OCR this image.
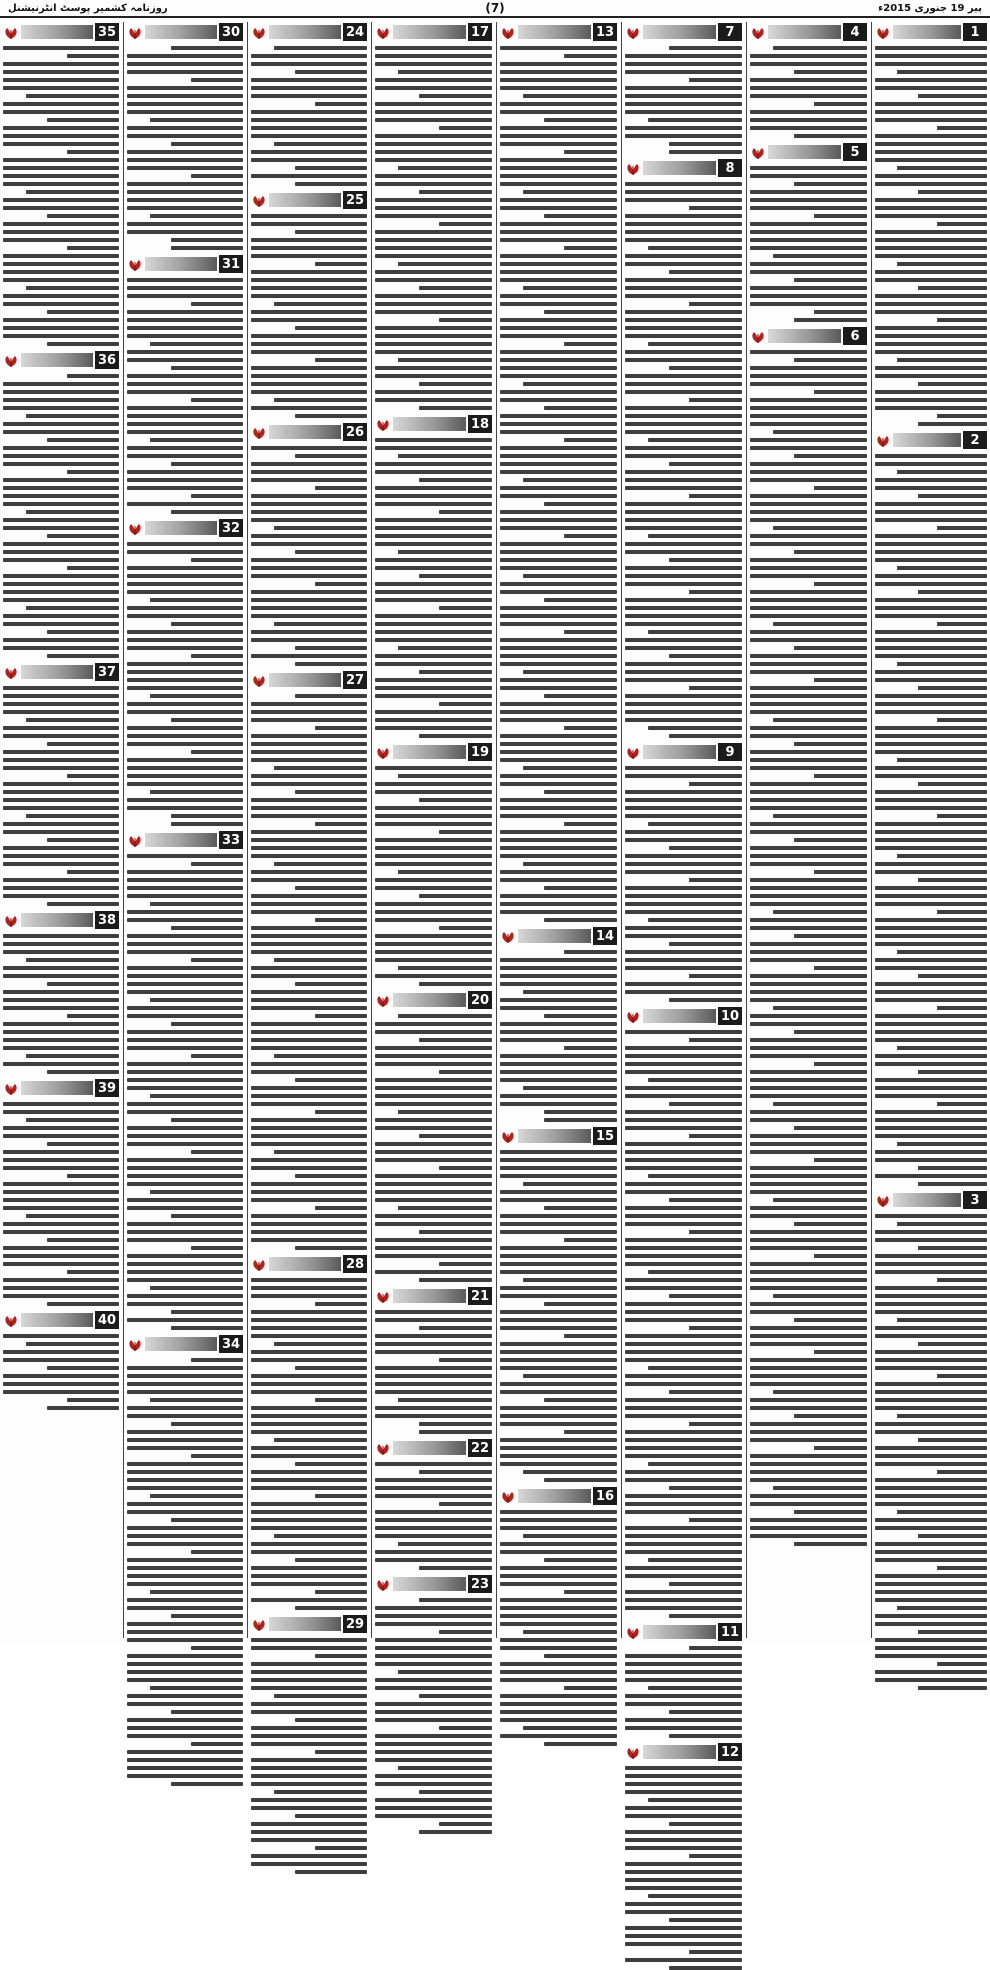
روزنامہ کشمیر پوسٹ انٹرنیشنل	(7)	پیر 19 جنوری 2015ء
1
2
3
4
5
6
7
8
9
10
11
12
13
14
15
16
17
18
19
20
21
22
23
24
25
26
27
28
29
30
31
32
33
34
35
36
37
38
39
40
